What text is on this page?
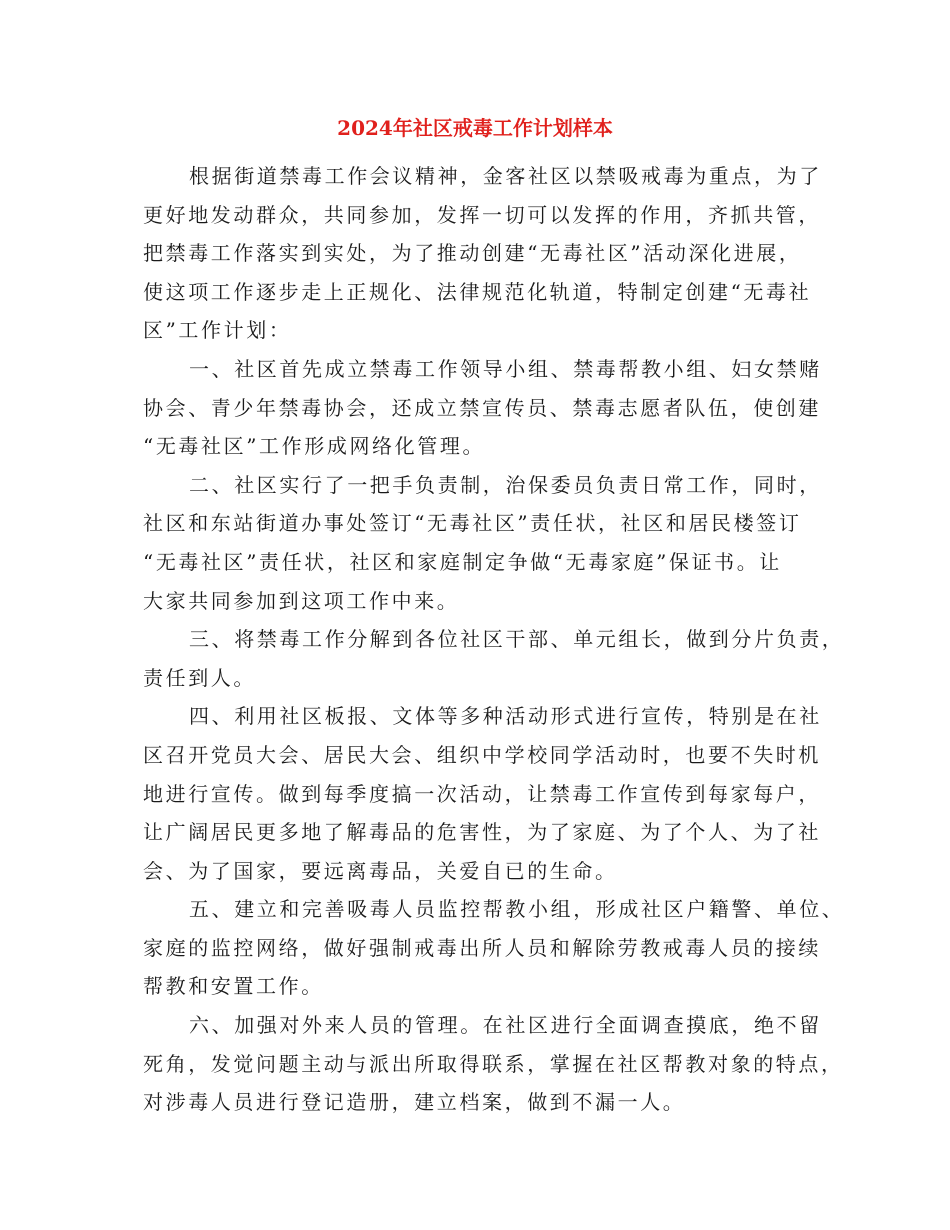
2024年社区戒毒工作计划样本

根据街道禁毒工作会议精神，金客社区以禁吸戒毒为重点，为了
更好地发动群众，共同参加，发挥一切可以发挥的作用，齐抓共管，
把禁毒工作落实到实处，为了推动创建“无毒社区”活动深化进展，
使这项工作逐步走上正规化、法律规范化轨道，特制定创建“无毒社
区”工作计划：

一、社区首先成立禁毒工作领导小组、禁毒帮教小组、妇女禁赌
协会、青少年禁毒协会，还成立禁宣传员、禁毒志愿者队伍，使创建
“无毒社区”工作形成网络化管理。

二、社区实行了一把手负责制，治保委员负责日常工作，同时，
社区和东站街道办事处签订“无毒社区”责任状，社区和居民楼签订
“无毒社区”责任状，社区和家庭制定争做“无毒家庭”保证书。让
大家共同参加到这项工作中来。

三、将禁毒工作分解到各位社区干部、单元组长，做到分片负责，
责任到人。

四、利用社区板报、文体等多种活动形式进行宣传，特别是在社
区召开党员大会、居民大会、组织中学校同学活动时，也要不失时机
地进行宣传。做到每季度搞一次活动，让禁毒工作宣传到每家每户，
让广阔居民更多地了解毒品的危害性，为了家庭、为了个人、为了社
会、为了国家，要远离毒品，关爱自已的生命。

五、建立和完善吸毒人员监控帮教小组，形成社区户籍警、单位、
家庭的监控网络，做好强制戒毒出所人员和解除劳教戒毒人员的接续
帮教和安置工作。

六、加强对外来人员的管理。在社区进行全面调查摸底，绝不留
死角，发觉问题主动与派出所取得联系，掌握在社区帮教对象的特点，
对涉毒人员进行登记造册，建立档案，做到不漏一人。
